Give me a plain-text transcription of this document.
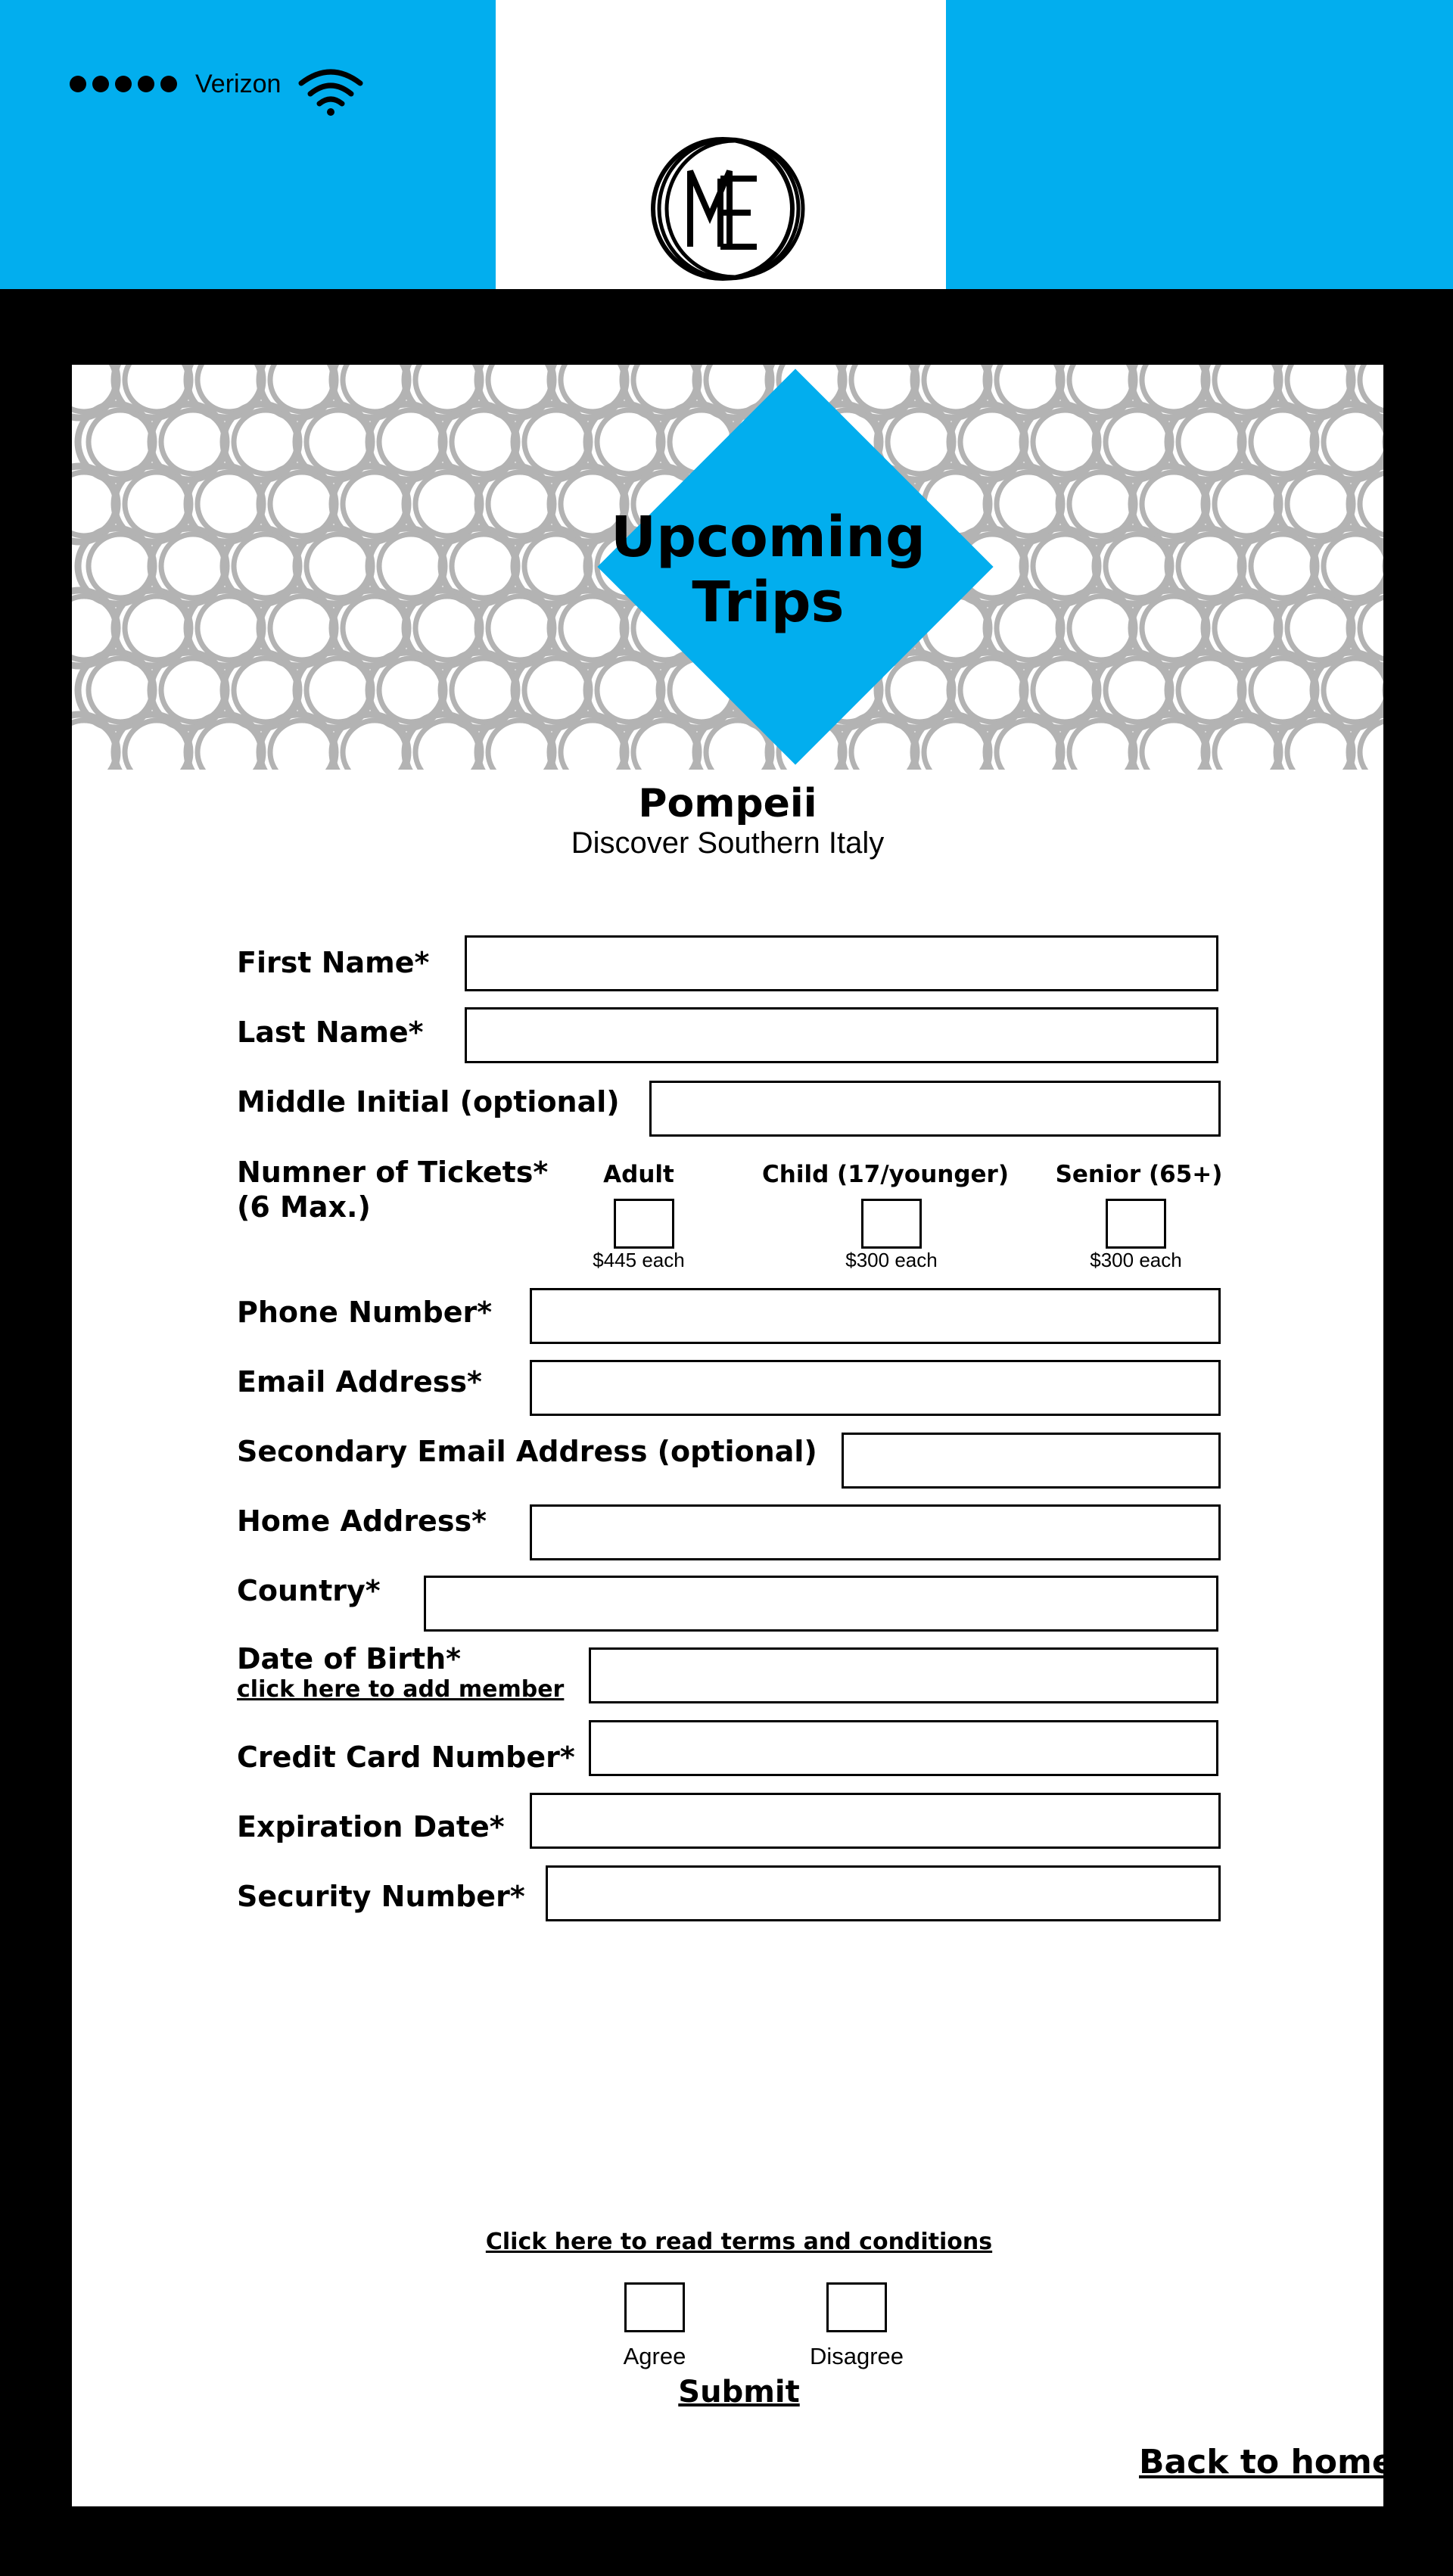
Verizon
Upcoming
Trips
Pompeii
Discover Southern Italy
First Name*
Last Name*
Middle Initial (optional)
Numner of Tickets*
(6 Max.)
Adult
$445 each
Child (17/younger)
$300 each
Senior (65+)
$300 each
Phone Number*
Email Address*
Secondary Email Address (optional)
Home Address*
Country*
Date of Birth*
click here to add member
Credit Card Number*
Expiration Date*
Security Number*
Click here to read terms and conditions
Agree	Disagree
Submit
Back to home
